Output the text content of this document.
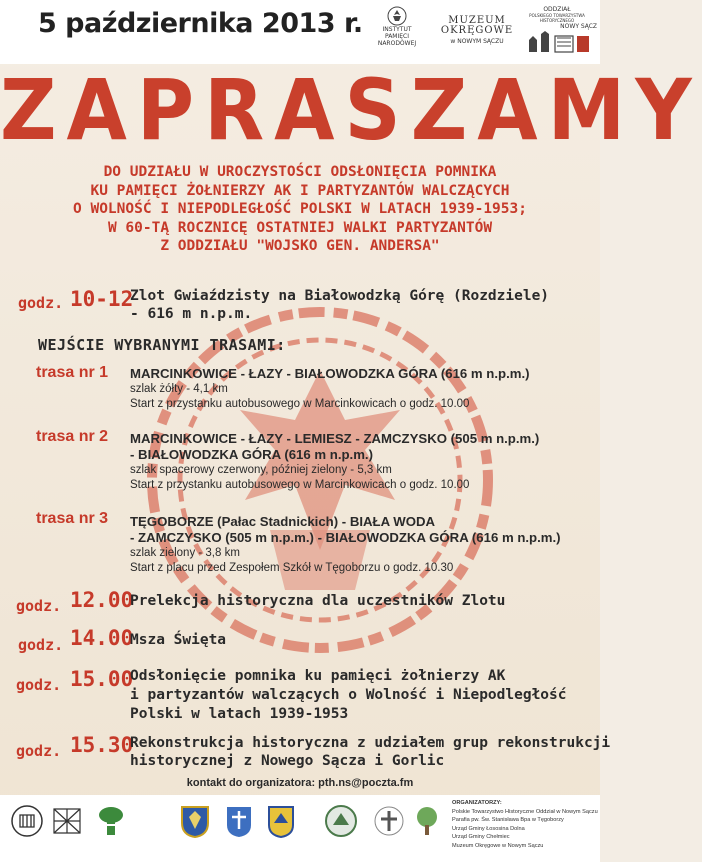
5 października 2013 r.	INSTYTUT
PAMIĘCI
NARODOWEJ
MUZEUM
OKRĘGOWE
w NOWYM SĄCZU
ODDZIAŁ
POLSKIEGO TOWARZYSTWA HISTORYCZNEGO
NOWY SĄCZ
ZAPRASZAMY
DO UDZIAŁU W UROCZYSTOŚCI ODSŁONIĘCIA POMNIKA
KU PAMIĘCI ŻOŁNIERZY AK I PARTYZANTÓW WALCZĄCYCH
O WOLNOŚĆ I NIEPODLEGŁOŚĆ POLSKI W LATACH 1939-1953;
W 60-TĄ ROCZNICĘ OSTATNIEJ WALKI PARTYZANTÓW
Z ODDZIAŁU "WOJSKO GEN. ANDERSA"
godz. 10-12
Zlot Gwiaździsty na Białowodzką Górę (Rozdziele)
- 616 m n.p.m.
WEJŚCIE WYBRANYMI TRASAMI:
trasa nr 1 MARCINKOWICE - ŁAZY - BIAŁOWODZKA GÓRA (616 m n.p.m.)
szlak żółty - 4,1 km
Start z przystanku autobusowego w Marcinkowicach o godz. 10.00
trasa nr 2 MARCINKOWICE - ŁAZY - LEMIESZ - ZAMCZYSKO (505 m n.p.m.)
- BIAŁOWODZKA GÓRA (616 m n.p.m.)
szlak spacerowy czerwony, później zielony - 5,3 km
Start z przystanku autobusowego w Marcinkowicach o godz. 10.00
trasa nr 3 TĘGOBORZE (Pałac Stadnickich) - BIAŁA WODA
- ZAMCZYSKO (505 m n.p.m.) - BIAŁOWODZKA GÓRA (616 m n.p.m.)
szlak zielony - 3,8 km
Start z placu przed Zespołem Szkół w Tęgoborzu o godz. 10.30
godz. 12.00
Prelekcja historyczna dla uczestników Zlotu
godz. 14.00
Msza Święta
godz. 15.00
Odsłonięcie pomnika ku pamięci żołnierzy AK
i partyzantów walczących o Wolność i Niepodległość
Polski w latach 1939-1953
godz. 15.30
Rekonstrukcja historyczna z udziałem grup rekonstrukcji
historycznej z Nowego Sącza i Gorlic
kontakt do organizatora: pth.ns@poczta.fm
ORGANIZATORZY:
Polskie Towarzystwo Historyczne Oddział w Nowym Sączu
Parafia pw. Św. Stanisława Bpa w Tęgoborzy
Urząd Gminy Łososina Dolna
Urząd Gminy Chełmiec
Muzeum Okręgowe w Nowym Sączu
